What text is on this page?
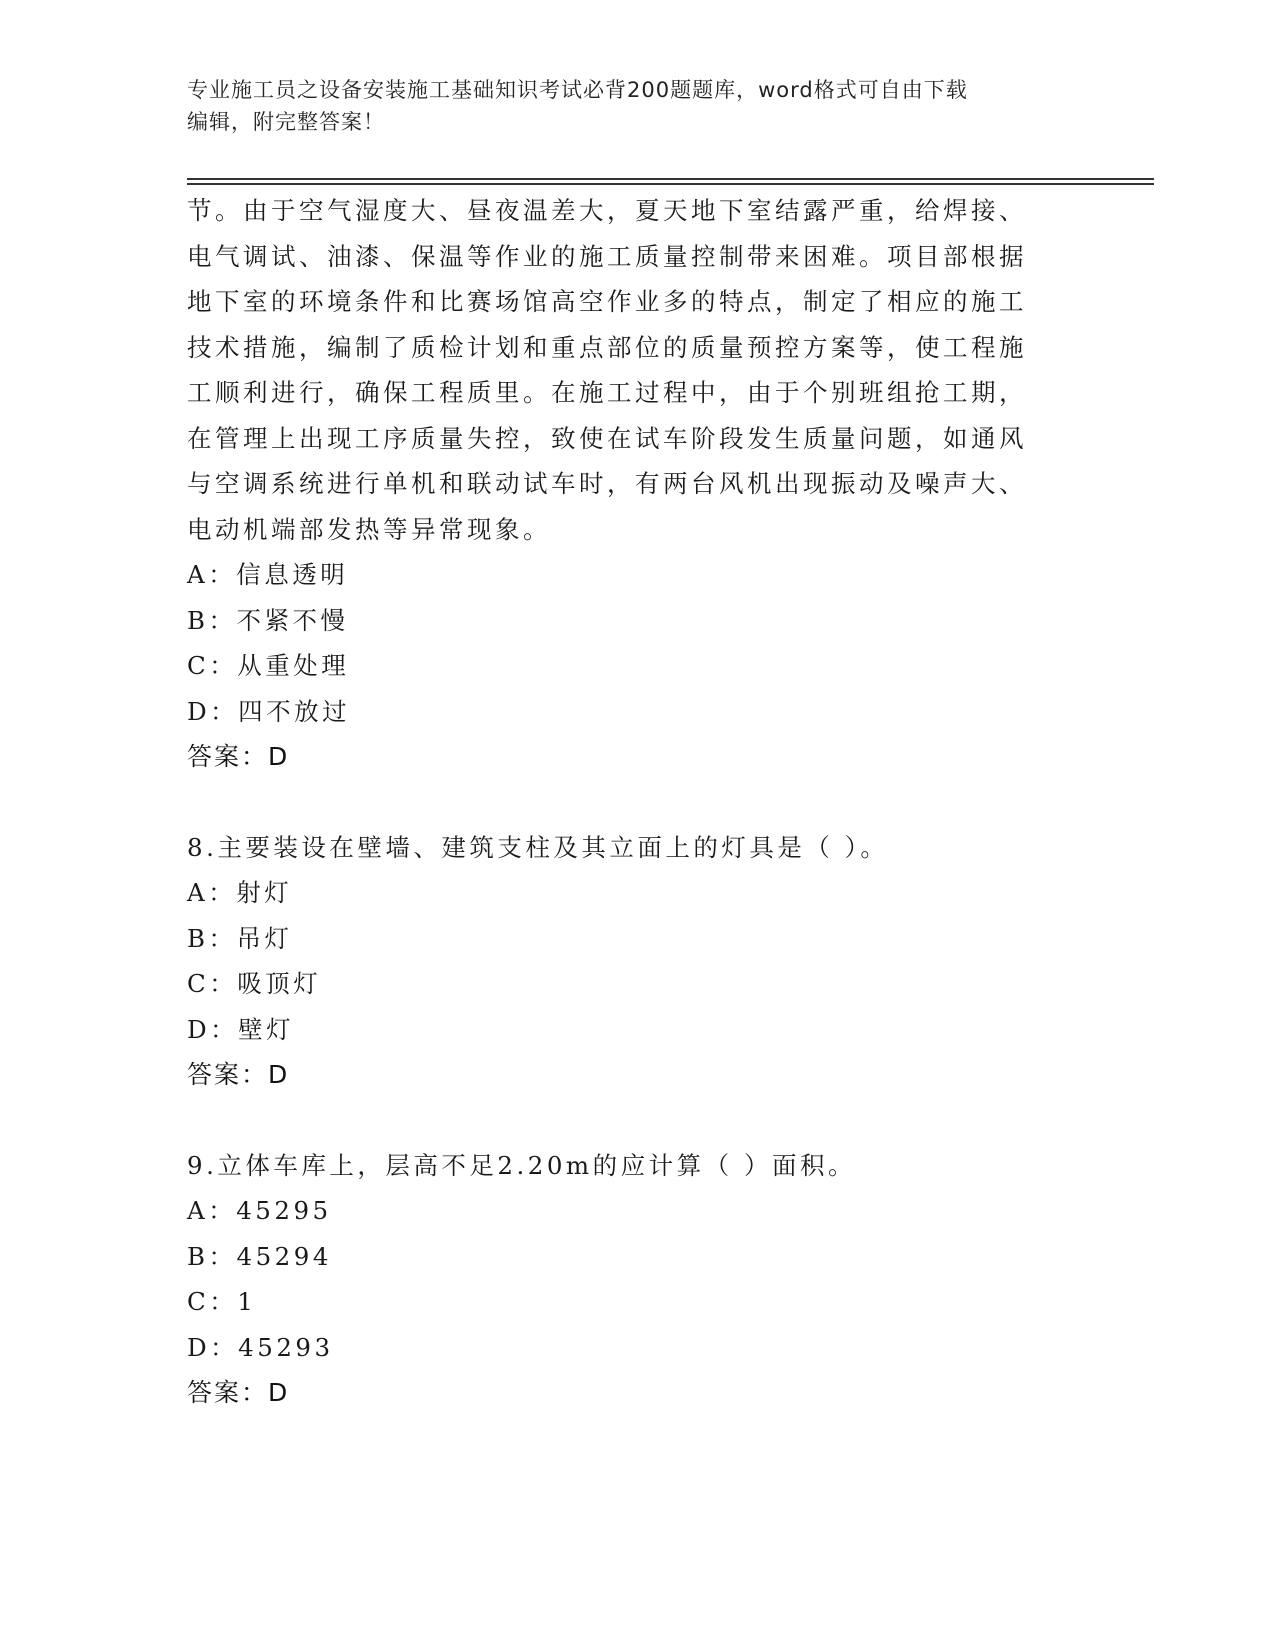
专业施工员之设备安装施工基础知识考试必背200题题库，word格式可自由下载
编辑，附完整答案！
节。由于空气湿度大、昼夜温差大，夏天地下室结露严重，给焊接、
电气调试、油漆、保温等作业的施工质量控制带来困难。项目部根据
地下室的环境条件和比赛场馆高空作业多的特点，制定了相应的施工
技术措施，编制了质检计划和重点部位的质量预控方案等，使工程施
工顺利进行，确保工程质里。在施工过程中，由于个别班组抢工期，
在管理上出现工序质量失控，致使在试车阶段发生质量问题，如通风
与空调系统进行单机和联动试车时，有两台风机出现振动及噪声大、
电动机端部发热等异常现象。
A：信息透明
B：不紧不慢
C：从重处理
D：四不放过
答案：D
8.主要装设在壁墙、建筑支柱及其立面上的灯具是（ ）。
A：射灯
B：吊灯
C：吸顶灯
D：壁灯
答案：D
9.立体车库上，层高不足2.20m的应计算（ ）面积。
A：45295
B：45294
C：1
D：45293
答案：D
